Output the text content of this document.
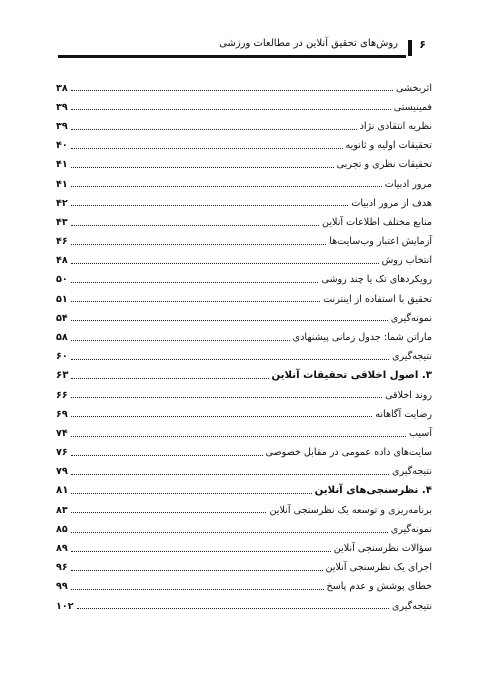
روش‌های تحقیق آنلاین در مطالعات ورزشی ۶
اثربخشی
۳۸
فمینیستی
۳۹
نظریه انتقادی نژاد
۳۹
تحقیقات اولیه و ثانویه
۴۰
تحقیقات نظری و تجربی
۴۱
مرور ادبیات
۴۱
هدف از مرور ادبیات
۴۲
منابع مختلف اطلاعات آنلاین
۴۳
آزمایش اعتبار وب‌سایت‌ها
۴۶
انتخاب روش
۴۸
رویکردهای تک یا چند روشی
۵۰
تحقیق با استفاده از اینترنت
۵۱
نمونه‌گیری
۵۴
ماراتن شما: جدول زمانی پیشنهادی
۵۸
نتیجه‌گیری
۶۰
۳. اصول اخلاقی تحقیقات آنلاین
۶۳
روند اخلاقی
۶۶
رضایت آگاهانه
۶۹
آسیب
۷۴
سایت‌های داده عمومی در مقابل خصوصی
۷۶
نتیجه‌گیری
۷۹
۴. نظرسنجی‌های آنلاین
۸۱
برنامه‌ریزی و توسعه یک نظرسنجی آنلاین
۸۳
نمونه‌گیری
۸۵
سؤالات نظرسنجی آنلاین
۸۹
اجرای یک نظرسنجی آنلاین
۹۶
خطای پوشش و عدم پاسخ
۹۹
نتیجه‌گیری
۱۰۲
